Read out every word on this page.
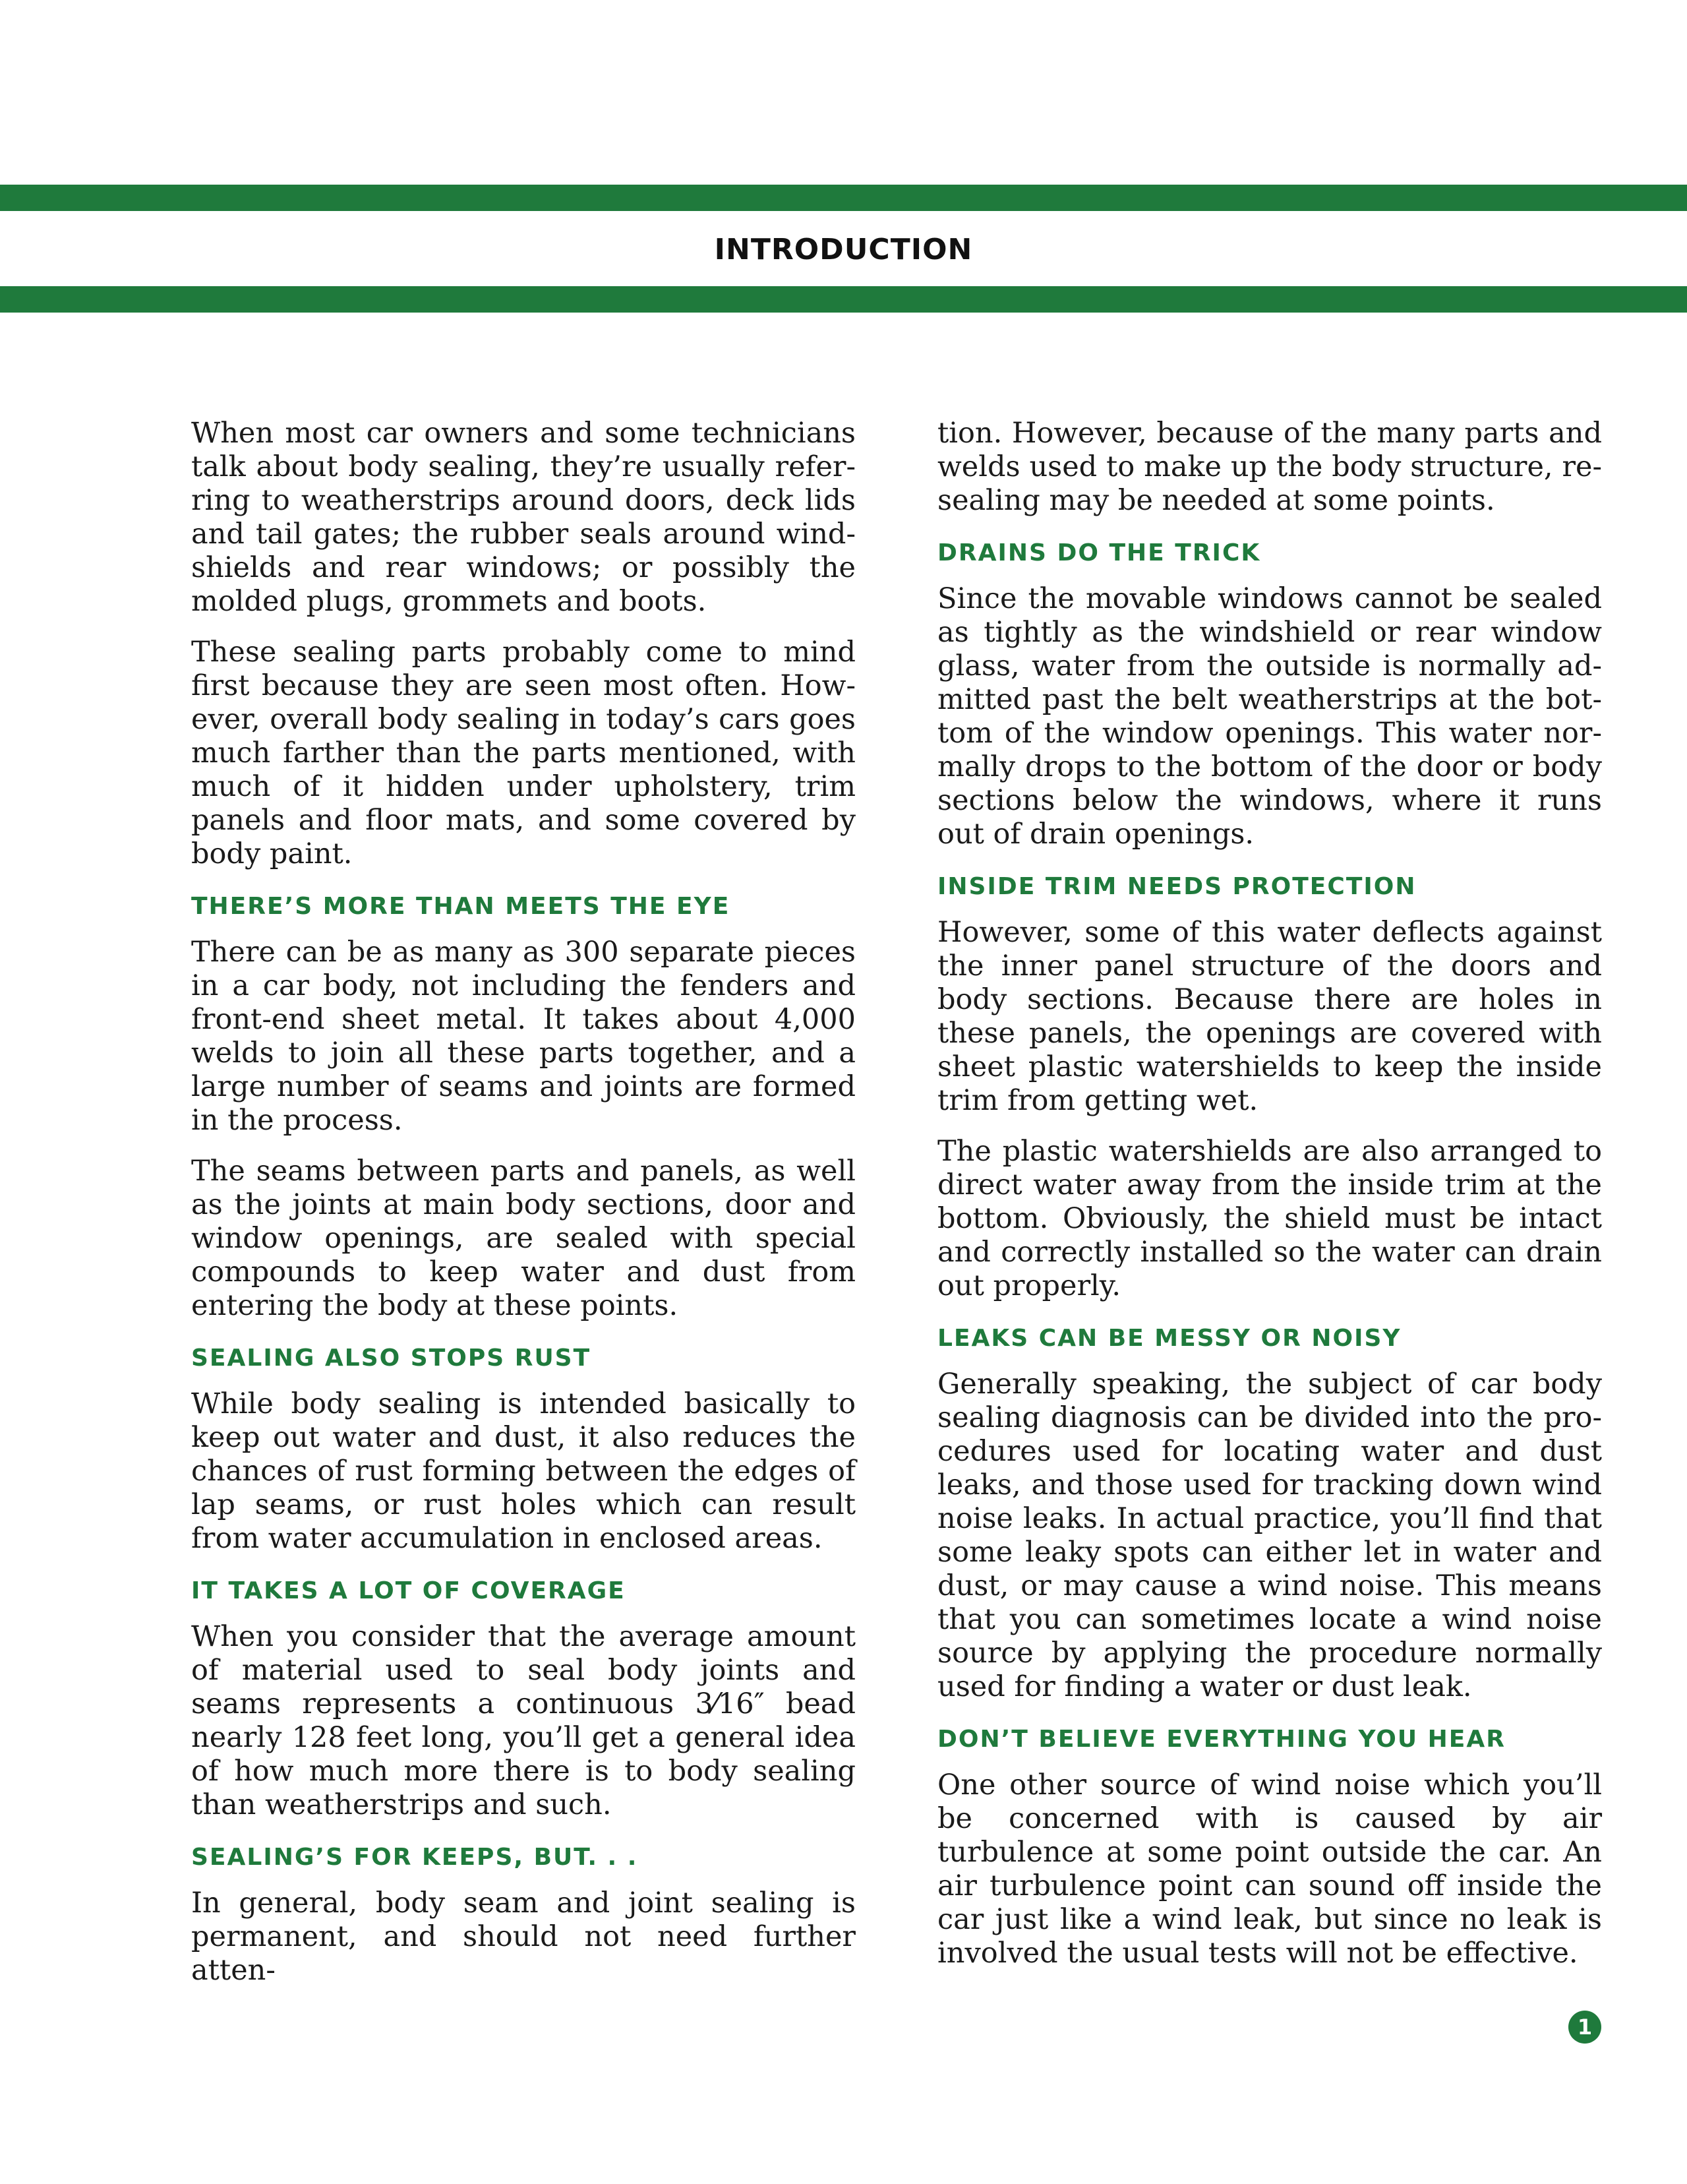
INTRODUCTION

When most car owners and some technicians talk about body sealing, they’re usually referring to weatherstrips around doors, deck lids and tail gates; the rubber seals around windshields and rear windows; or possibly the molded plugs, grommets and boots.

These sealing parts probably come to mind first because they are seen most often. However, overall body sealing in today’s cars goes much farther than the parts mentioned, with much of it hidden under upholstery, trim panels and floor mats, and some covered by body paint.

THERE’S MORE THAN MEETS THE EYE

There can be as many as 300 separate pieces in a car body, not including the fenders and front-end sheet metal. It takes about 4,000 welds to join all these parts together, and a large number of seams and joints are formed in the process.

The seams between parts and panels, as well as the joints at main body sections, door and window openings, are sealed with special compounds to keep water and dust from entering the body at these points.

SEALING ALSO STOPS RUST

While body sealing is intended basically to keep out water and dust, it also reduces the chances of rust forming between the edges of lap seams, or rust holes which can result from water accumulation in enclosed areas.

IT TAKES A LOT OF COVERAGE

When you consider that the average amount of material used to seal body joints and seams represents a continuous 3⁄16″ bead nearly 128 feet long, you’ll get a general idea of how much more there is to body sealing than weatherstrips and such.

SEALING’S FOR KEEPS, BUT. . .

In general, body seam and joint sealing is permanent, and should not need further atten-

tion. However, because of the many parts and welds used to make up the body structure, resealing may be needed at some points.

DRAINS DO THE TRICK

Since the movable windows cannot be sealed as tightly as the windshield or rear window glass, water from the outside is normally admitted past the belt weatherstrips at the bottom of the window openings. This water normally drops to the bottom of the door or body sections below the windows, where it runs out of drain openings.

INSIDE TRIM NEEDS PROTECTION

However, some of this water deflects against the inner panel structure of the doors and body sections. Because there are holes in these panels, the openings are covered with sheet plastic watershields to keep the inside trim from getting wet.

The plastic watershields are also arranged to direct water away from the inside trim at the bottom. Obviously, the shield must be intact and correctly installed so the water can drain out properly.

LEAKS CAN BE MESSY OR NOISY

Generally speaking, the subject of car body sealing diagnosis can be divided into the procedures used for locating water and dust leaks, and those used for tracking down wind noise leaks. In actual practice, you’ll find that some leaky spots can either let in water and dust, or may cause a wind noise. This means that you can sometimes locate a wind noise source by applying the procedure normally used for finding a water or dust leak.

DON’T BELIEVE EVERYTHING YOU HEAR

One other source of wind noise which you’ll be concerned with is caused by air turbulence at some point outside the car. An air turbulence point can sound off inside the car just like a wind leak, but since no leak is involved the usual tests will not be effective.

1
